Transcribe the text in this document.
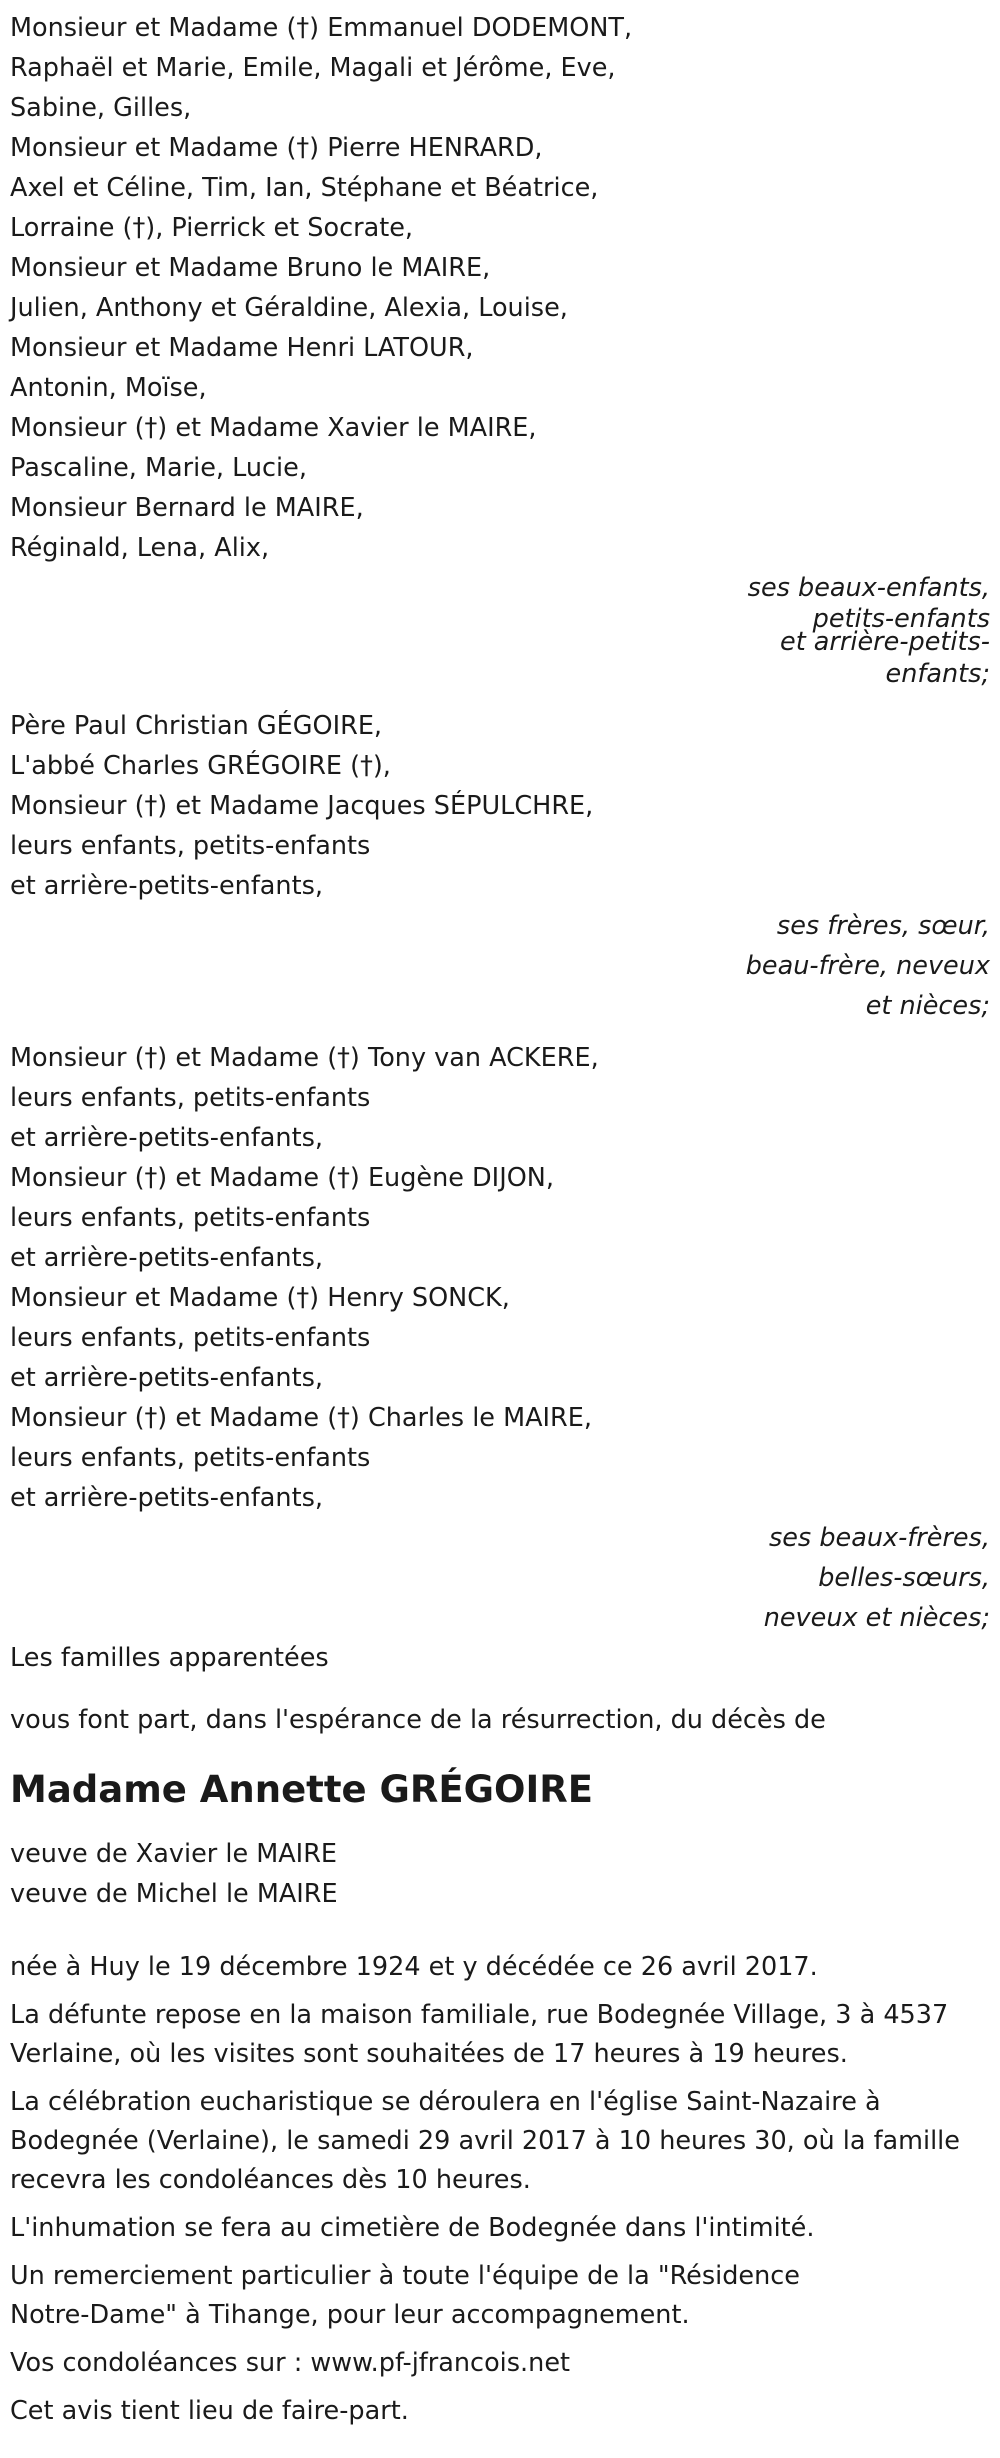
Monsieur et Madame (†) Emmanuel DODEMONT,
Raphaël et Marie, Emile, Magali et Jérôme, Eve,
Sabine, Gilles,
Monsieur et Madame (†) Pierre HENRARD,
Axel et Céline, Tim, Ian, Stéphane et Béatrice,
Lorraine (†), Pierrick et Socrate,
Monsieur et Madame Bruno le MAIRE,
Julien, Anthony et Géraldine, Alexia, Louise,
Monsieur et Madame Henri LATOUR,
Antonin, Moïse,
Monsieur (†) et Madame Xavier le MAIRE,
Pascaline, Marie, Lucie,
Monsieur Bernard le MAIRE,
Réginald, Lena, Alix,
ses beaux-enfants,
petits-enfants
et arrière-petits-
enfants;
Père Paul Christian GÉGOIRE,
L'abbé Charles GRÉGOIRE (†),
Monsieur (†) et Madame Jacques SÉPULCHRE,
leurs enfants, petits-enfants
et arrière-petits-enfants,
ses frères, sœur,
beau-frère, neveux
et nièces;
Monsieur (†) et Madame (†) Tony van ACKERE,
leurs enfants, petits-enfants
et arrière-petits-enfants,
Monsieur (†) et Madame (†) Eugène DIJON,
leurs enfants, petits-enfants
et arrière-petits-enfants,
Monsieur et Madame (†) Henry SONCK,
leurs enfants, petits-enfants
et arrière-petits-enfants,
Monsieur (†) et Madame (†) Charles le MAIRE,
leurs enfants, petits-enfants
et arrière-petits-enfants,
ses beaux-frères,
belles-sœurs,
neveux et nièces;
Les familles apparentées
vous font part, dans l'espérance de la résurrection, du décès de
Madame Annette GRÉGOIRE
veuve de Xavier le MAIRE
veuve de Michel le MAIRE
née à Huy le 19 décembre 1924 et y décédée ce 26 avril 2017.
La défunte repose en la maison familiale, rue Bodegnée Village, 3 à 4537
Verlaine, où les visites sont souhaitées de 17 heures à 19 heures.
La célébration eucharistique se déroulera en l'église Saint-Nazaire à
Bodegnée (Verlaine), le samedi 29 avril 2017 à 10 heures 30, où la famille
recevra les condoléances dès 10 heures.
L'inhumation se fera au cimetière de Bodegnée dans l'intimité.
Un remerciement particulier à toute l'équipe de la "Résidence
Notre-Dame" à Tihange, pour leur accompagnement.
Vos condoléances sur : www.pf-jfrancois.net
Cet avis tient lieu de faire-part.
